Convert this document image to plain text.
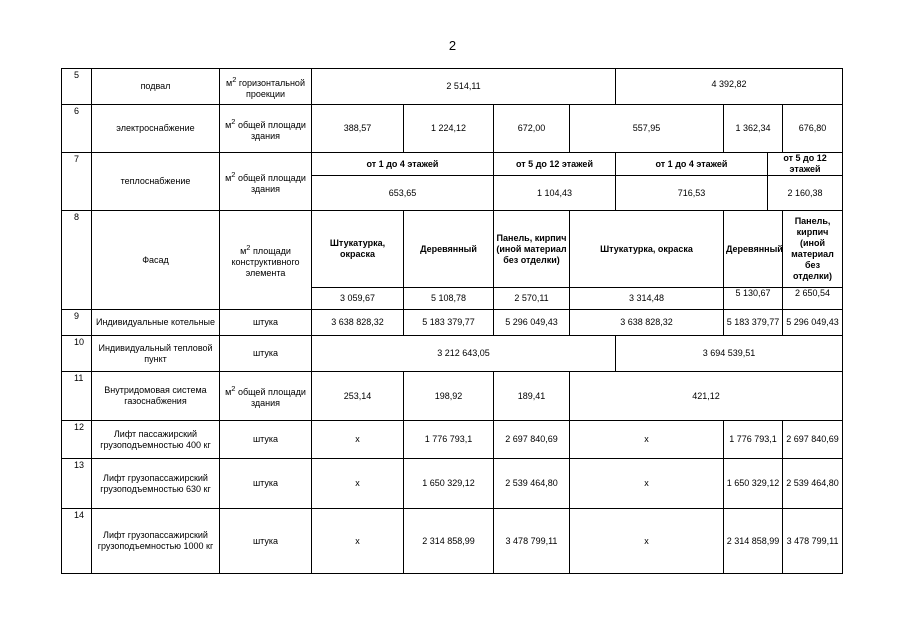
2
5	подвал	$м^2$ горизонтальной проекции	2 514,11				4 392,82			
6	электроснабжение	$м^2$ общей площади здания	388,57	1 224,12	672,00	557,95		1 362,34		676,80
7	теплоснабжение	$м^2$ общей площади здания	от 1 до 4 этажей		от 5 до 12 этажей		от 1 до 4 этажей		от 5 до 12 этажей	
			653,65		1 104,43		716,53		2 160,38	
8	Фасад	$м^2$ площади конструктивного элемента	Штукатурка, окраска	Деревянный	Панель, кирпич (иной материал без отделки)	Штукатурка, окраска		Деревянный		Панель, кирпич (иной материал без отделки)
			3 059,67	5 108,78	2 570,11	3 314,48		5 130,67		2 650,54
9	Индивидуальные котельные	штука	3 638 828,32	5 183 379,77	5 296 049,43	3 638 828,32		5 183 379,77		5 296 049,43
10	Индивидуальный тепловой пункт	штука	3 212 643,05				3 694 539,51			
11	Внутридомовая система газоснабжения	$м^2$ общей площади здания	253,14	198,92	189,41	421,12				
12	Лифт пассажирский грузоподъемностью 400 кг	штука	x	1 776 793,1	2 697 840,69	x		1 776 793,1		2 697 840,69
13	Лифт грузопассажирский грузоподъемностью 630 кг	штука	x	1 650 329,12	2 539 464,80	x		1 650 329,12		2 539 464,80
14	Лифт грузопассажирский грузоподъемностью 1000 кг	штука	x	2 314 858,99	3 478 799,11	x		2 314 858,99		3 478 799,11
